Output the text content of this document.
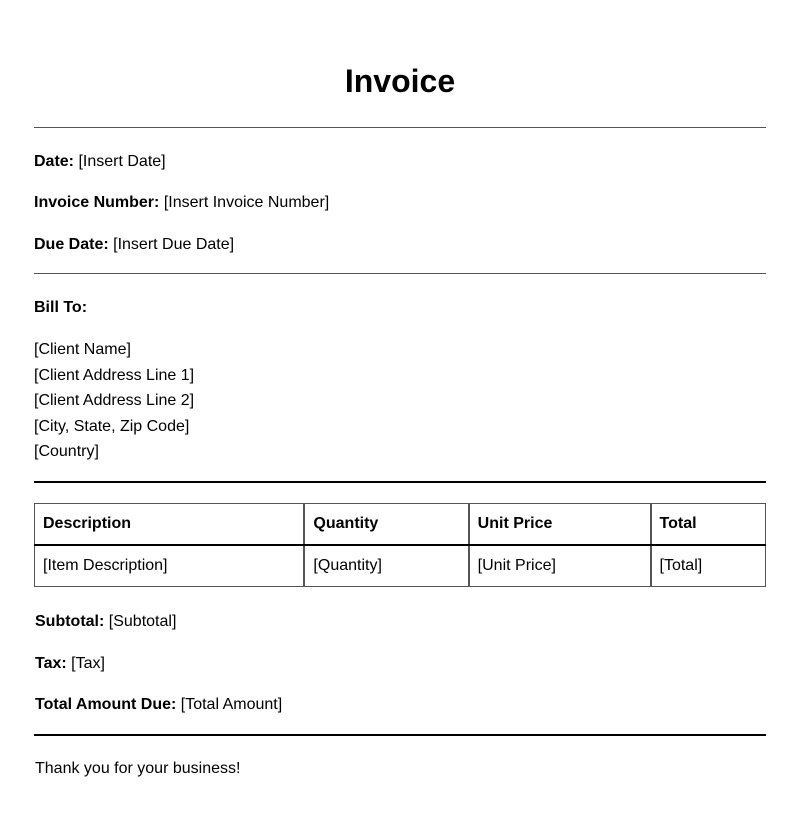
Invoice
Date: [Insert Date]
Invoice Number: [Insert Invoice Number]
Due Date: [Insert Due Date]
Bill To:
[Client Name]
[Client Address Line 1]
[Client Address Line 2]
[City, State, Zip Code]
[Country]
Description	Quantity	Unit Price	Total
[Item Description]	[Quantity]	[Unit Price]	[Total]
Subtotal: [Subtotal]
Tax: [Tax]
Total Amount Due: [Total Amount]
Thank you for your business!
